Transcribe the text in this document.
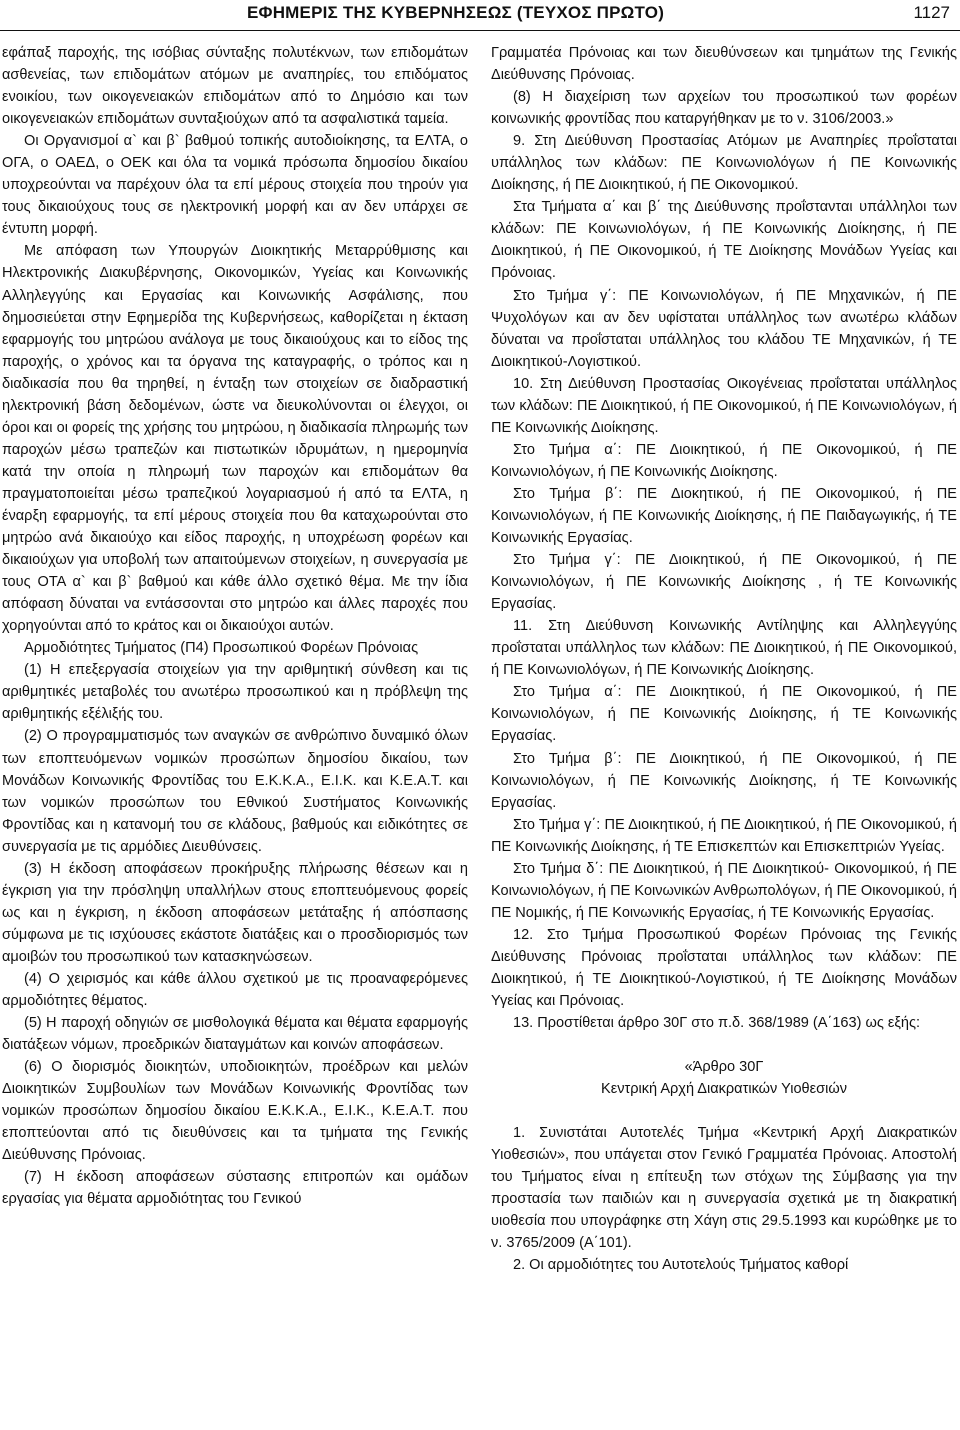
ΕΦΗΜΕΡΙΣ ΤΗΣ ΚΥΒΕΡΝΗΣΕΩΣ (ΤΕΥΧΟΣ ΠΡΩΤΟ)	1127

εφάπαξ παροχής, της ισόβιας σύνταξης πολυτέκνων, των επιδομάτων ασθενείας, των επιδομάτων ατόμων με αναπηρίες, του επιδόματος ενοικίου, των οικογενειακών επιδομάτων από το Δημόσιο και των οικογενειακών επιδομάτων συνταξιούχων από τα ασφαλιστικά ταμεία.

Οι Οργανισμοί α` και β` βαθμού τοπικής αυτοδιοίκησης, τα ΕΛΤΑ, ο ΟΓΑ, ο ΟΑΕΔ, ο ΟΕΚ και όλα τα νομικά πρόσωπα δημοσίου δικαίου υποχρεούνται να παρέχουν όλα τα επί μέρους στοιχεία που τηρούν για τους δικαιούχους τους σε ηλεκτρονική μορφή και αν δεν υπάρχει σε έντυπη μορφή.

Με απόφαση των Υπουργών Διοικητικής Μεταρρύθμισης και Ηλεκτρονικής Διακυβέρνησης, Οικονομικών, Υγείας και Κοινωνικής Αλληλεγγύης και Εργασίας και Κοινωνικής Ασφάλισης, που δημοσιεύεται στην Εφημερίδα της Κυβερνήσεως, καθορίζεται η έκταση εφαρμογής του μητρώου ανάλογα με τους δικαιούχους και το είδος της παροχής, ο χρόνος και τα όργανα της καταγραφής, ο τρόπος και η διαδικασία που θα τηρηθεί, η ένταξη των στοιχείων σε διαδραστική ηλεκτρονική βάση δεδομένων, ώστε να διευκολύνονται οι έλεγχοι, οι όροι και οι φορείς της χρήσης του μητρώου, η διαδικασία πληρωμής των παροχών μέσω τραπεζών και πιστωτικών ιδρυμάτων, η ημερομηνία κατά την οποία η πληρωμή των παροχών και επιδομάτων θα πραγματοποιείται μέσω τραπεζικού λογαριασμού ή από τα ΕΛΤΑ, η έναρξη εφαρμογής, τα επί μέρους στοιχεία που θα καταχωρούνται στο μητρώο ανά δικαιούχο και είδος παροχής, η υποχρέωση φορέων και δικαιούχων για υποβολή των απαιτούμενων στοιχείων, η συνεργασία με τους ΟΤΑ α` και β` βαθμού και κάθε άλλο σχετικό θέμα. Με την ίδια απόφαση δύναται να εντάσσονται στο μητρώο και άλλες παροχές που χορηγούνται από το κράτος και οι δικαιούχοι αυτών.

Αρμοδιότητες Τμήματος (Π4) Προσωπικού Φορέων Πρόνοιας

(1) Η επεξεργασία στοιχείων για την αριθμητική σύνθεση και τις αριθμητικές μεταβολές του ανωτέρω προσωπικού και η πρόβλεψη της αριθμητικής εξέλιξής του.

(2) Ο προγραμματισμός των αναγκών σε ανθρώπινο δυναμικό όλων των εποπτευόμενων νομικών προσώπων δημοσίου δικαίου, των Μονάδων Κοινωνικής Φροντίδας του Ε.Κ.Κ.Α., Ε.Ι.Κ. και Κ.Ε.Α.Τ. και των νομικών προσώπων του Εθνικού Συστήματος Κοινωνικής Φροντίδας και η κατανομή του σε κλάδους, βαθμούς και ειδικότητες σε συνεργασία με τις αρμόδιες Διευθύνσεις.

(3) Η έκδοση αποφάσεων προκήρυξης πλήρωσης θέσεων και η έγκριση για την πρόσληψη υπαλλήλων στους εποπτευόμενους φορείς ως και η έγκριση, η έκδοση αποφάσεων μετάταξης ή απόσπασης σύμφωνα με τις ισχύουσες εκάστοτε διατάξεις και ο προσδιορισμός των αμοιβών του προσωπικού των κατασκηνώσεων.

(4) Ο χειρισμός και κάθε άλλου σχετικού με τις προαναφερόμενες αρμοδιότητες θέματος.

(5) Η παροχή οδηγιών σε μισθολογικά θέματα και θέματα εφαρμογής διατάξεων νόμων, προεδρικών διαταγμάτων και κοινών αποφάσεων.

(6) Ο διορισμός διοικητών, υποδιοικητών, προέδρων και μελών Διοικητικών Συμβουλίων των Μονάδων Κοινωνικής Φροντίδας των νομικών προσώπων δημοσίου δικαίου Ε.Κ.Κ.Α., Ε.Ι.Κ., Κ.Ε.Α.Τ. που εποπτεύονται από τις διευθύνσεις και τα τμήματα της Γενικής Διεύθυνσης Πρόνοιας.

(7) Η έκδοση αποφάσεων σύστασης επιτροπών και ομάδων εργασίας για θέματα αρμοδιότητας του Γενικού

Γραμματέα Πρόνοιας και των διευθύνσεων και τμημάτων της Γενικής Διεύθυνσης Πρόνοιας.

(8) Η διαχείριση των αρχείων του προσωπικού των φορέων κοινωνικής φροντίδας που καταργήθηκαν με το ν. 3106/2003.»

9. Στη Διεύθυνση Προστασίας Ατόμων με Αναπηρίες προΐσταται υπάλληλος των κλάδων: ΠΕ Κοινωνιολόγων ή ΠΕ Κοινωνικής Διοίκησης, ή ΠΕ Διοικητικού, ή ΠΕ Οικονομικού.

Στα Τμήματα α΄ και β΄ της Διεύθυνσης προΐστανται υπάλληλοι των κλάδων: ΠΕ Κοινωνιολόγων, ή ΠΕ Κοινωνικής Διοίκησης, ή ΠΕ Διοικητικού, ή ΠΕ Οικονομικού, ή ΤΕ Διοίκησης Μονάδων Υγείας και Πρόνοιας.

Στο Τμήμα γ΄: ΠΕ Κοινωνιολόγων, ή ΠΕ Μηχανικών, ή ΠΕ Ψυχολόγων και αν δεν υφίσταται υπάλληλος των ανωτέρω κλάδων δύναται να προΐσταται υπάλληλος του κλάδου ΤΕ Μηχανικών, ή ΤΕ Διοικητικού-Λογιστικού.

10. Στη Διεύθυνση Προστασίας Οικογένειας προΐσταται υπάλληλος των κλάδων: ΠΕ Διοικητικού, ή ΠΕ Οικονομικού, ή ΠΕ Κοινωνιολόγων, ή ΠΕ Κοινωνικής Διοίκησης.

Στο Τμήμα α΄: ΠΕ Διοικητικού, ή ΠΕ Οικονομικού, ή ΠΕ Κοινωνιολόγων, ή ΠΕ Κοινωνικής Διοίκησης.

Στο Τμήμα β΄: ΠΕ Διοκητικού, ή ΠΕ Οικονομικού, ή ΠΕ Κοινωνιολόγων, ή ΠΕ Κοινωνικής Διοίκησης, ή ΠΕ Παιδαγωγικής, ή ΤΕ Κοινωνικής Εργασίας.

Στο Τμήμα γ΄: ΠΕ Διοικητικού, ή ΠΕ Οικονομικού, ή ΠΕ Κοινωνιολόγων, ή ΠΕ Κοινωνικής Διοίκησης , ή ΤΕ Κοινωνικής Εργασίας.

11. Στη Διεύθυνση Κοινωνικής Αντίληψης και Αλληλεγγύης προΐσταται υπάλληλος των κλάδων: ΠΕ Διοικητικού, ή ΠΕ Οικονομικού, ή ΠΕ Κοινωνιολόγων, ή ΠΕ Κοινωνικής Διοίκησης.

Στο Τμήμα α΄: ΠΕ Διοικητικού, ή ΠΕ Οικονομικού, ή ΠΕ Κοινωνιολόγων, ή ΠΕ Κοινωνικής Διοίκησης, ή ΤΕ Κοινωνικής Εργασίας.

Στο Τμήμα β΄: ΠΕ Διοικητικού, ή ΠΕ Οικονομικού, ή ΠΕ Κοινωνιολόγων, ή ΠΕ Κοινωνικής Διοίκησης, ή ΤΕ Κοινωνικής Εργασίας.

Στο Τμήμα γ΄: ΠΕ Διοικητικού, ή ΠΕ Διοικητικού, ή ΠΕ Οικονομικού, ή ΠΕ Κοινωνικής Διοίκησης, ή ΤΕ Επισκεπτών και Επισκεπτριών Υγείας.

Στο Τμήμα δ΄: ΠΕ Διοικητικού, ή ΠΕ Διοικητικού- Οικονομικού, ή ΠΕ Κοινωνιολόγων, ή ΠΕ Κοινωνικών Ανθρωπολόγων, ή ΠΕ Οικονομικού, ή ΠΕ Νομικής, ή ΠΕ Κοινωνικής Εργασίας, ή ΤΕ Κοινωνικής Εργασίας.

12. Στο Τμήμα Προσωπικού Φορέων Πρόνοιας της Γενικής Διεύθυνσης Πρόνοιας προΐσταται υπάλληλος των κλάδων: ΠΕ Διοικητικού, ή ΤΕ Διοικητικού-Λογιστικού, ή ΤΕ Διοίκησης Μονάδων Υγείας και Πρόνοιας.

13. Προστίθεται άρθρο 30Γ στο π.δ. 368/1989 (Α΄163) ως εξής:

«Άρθρο 30Γ

Κεντρική Αρχή Διακρατικών Υιοθεσιών

1. Συνιστάται Αυτοτελές Τμήμα «Κεντρική Αρχή Διακρατικών Υιοθεσιών», που υπάγεται στον Γενικό Γραμματέα Πρόνοιας. Αποστολή του Τμήματος είναι η επίτευξη των στόχων της Σύμβασης για την προστασία των παιδιών και η συνεργασία σχετικά με τη διακρατική υιοθεσία που υπογράφηκε στη Χάγη στις 29.5.1993 και κυρώθηκε με το ν. 3765/2009 (Α΄101).

2. Οι αρμοδιότητες του Αυτοτελούς Τμήματος καθορί
